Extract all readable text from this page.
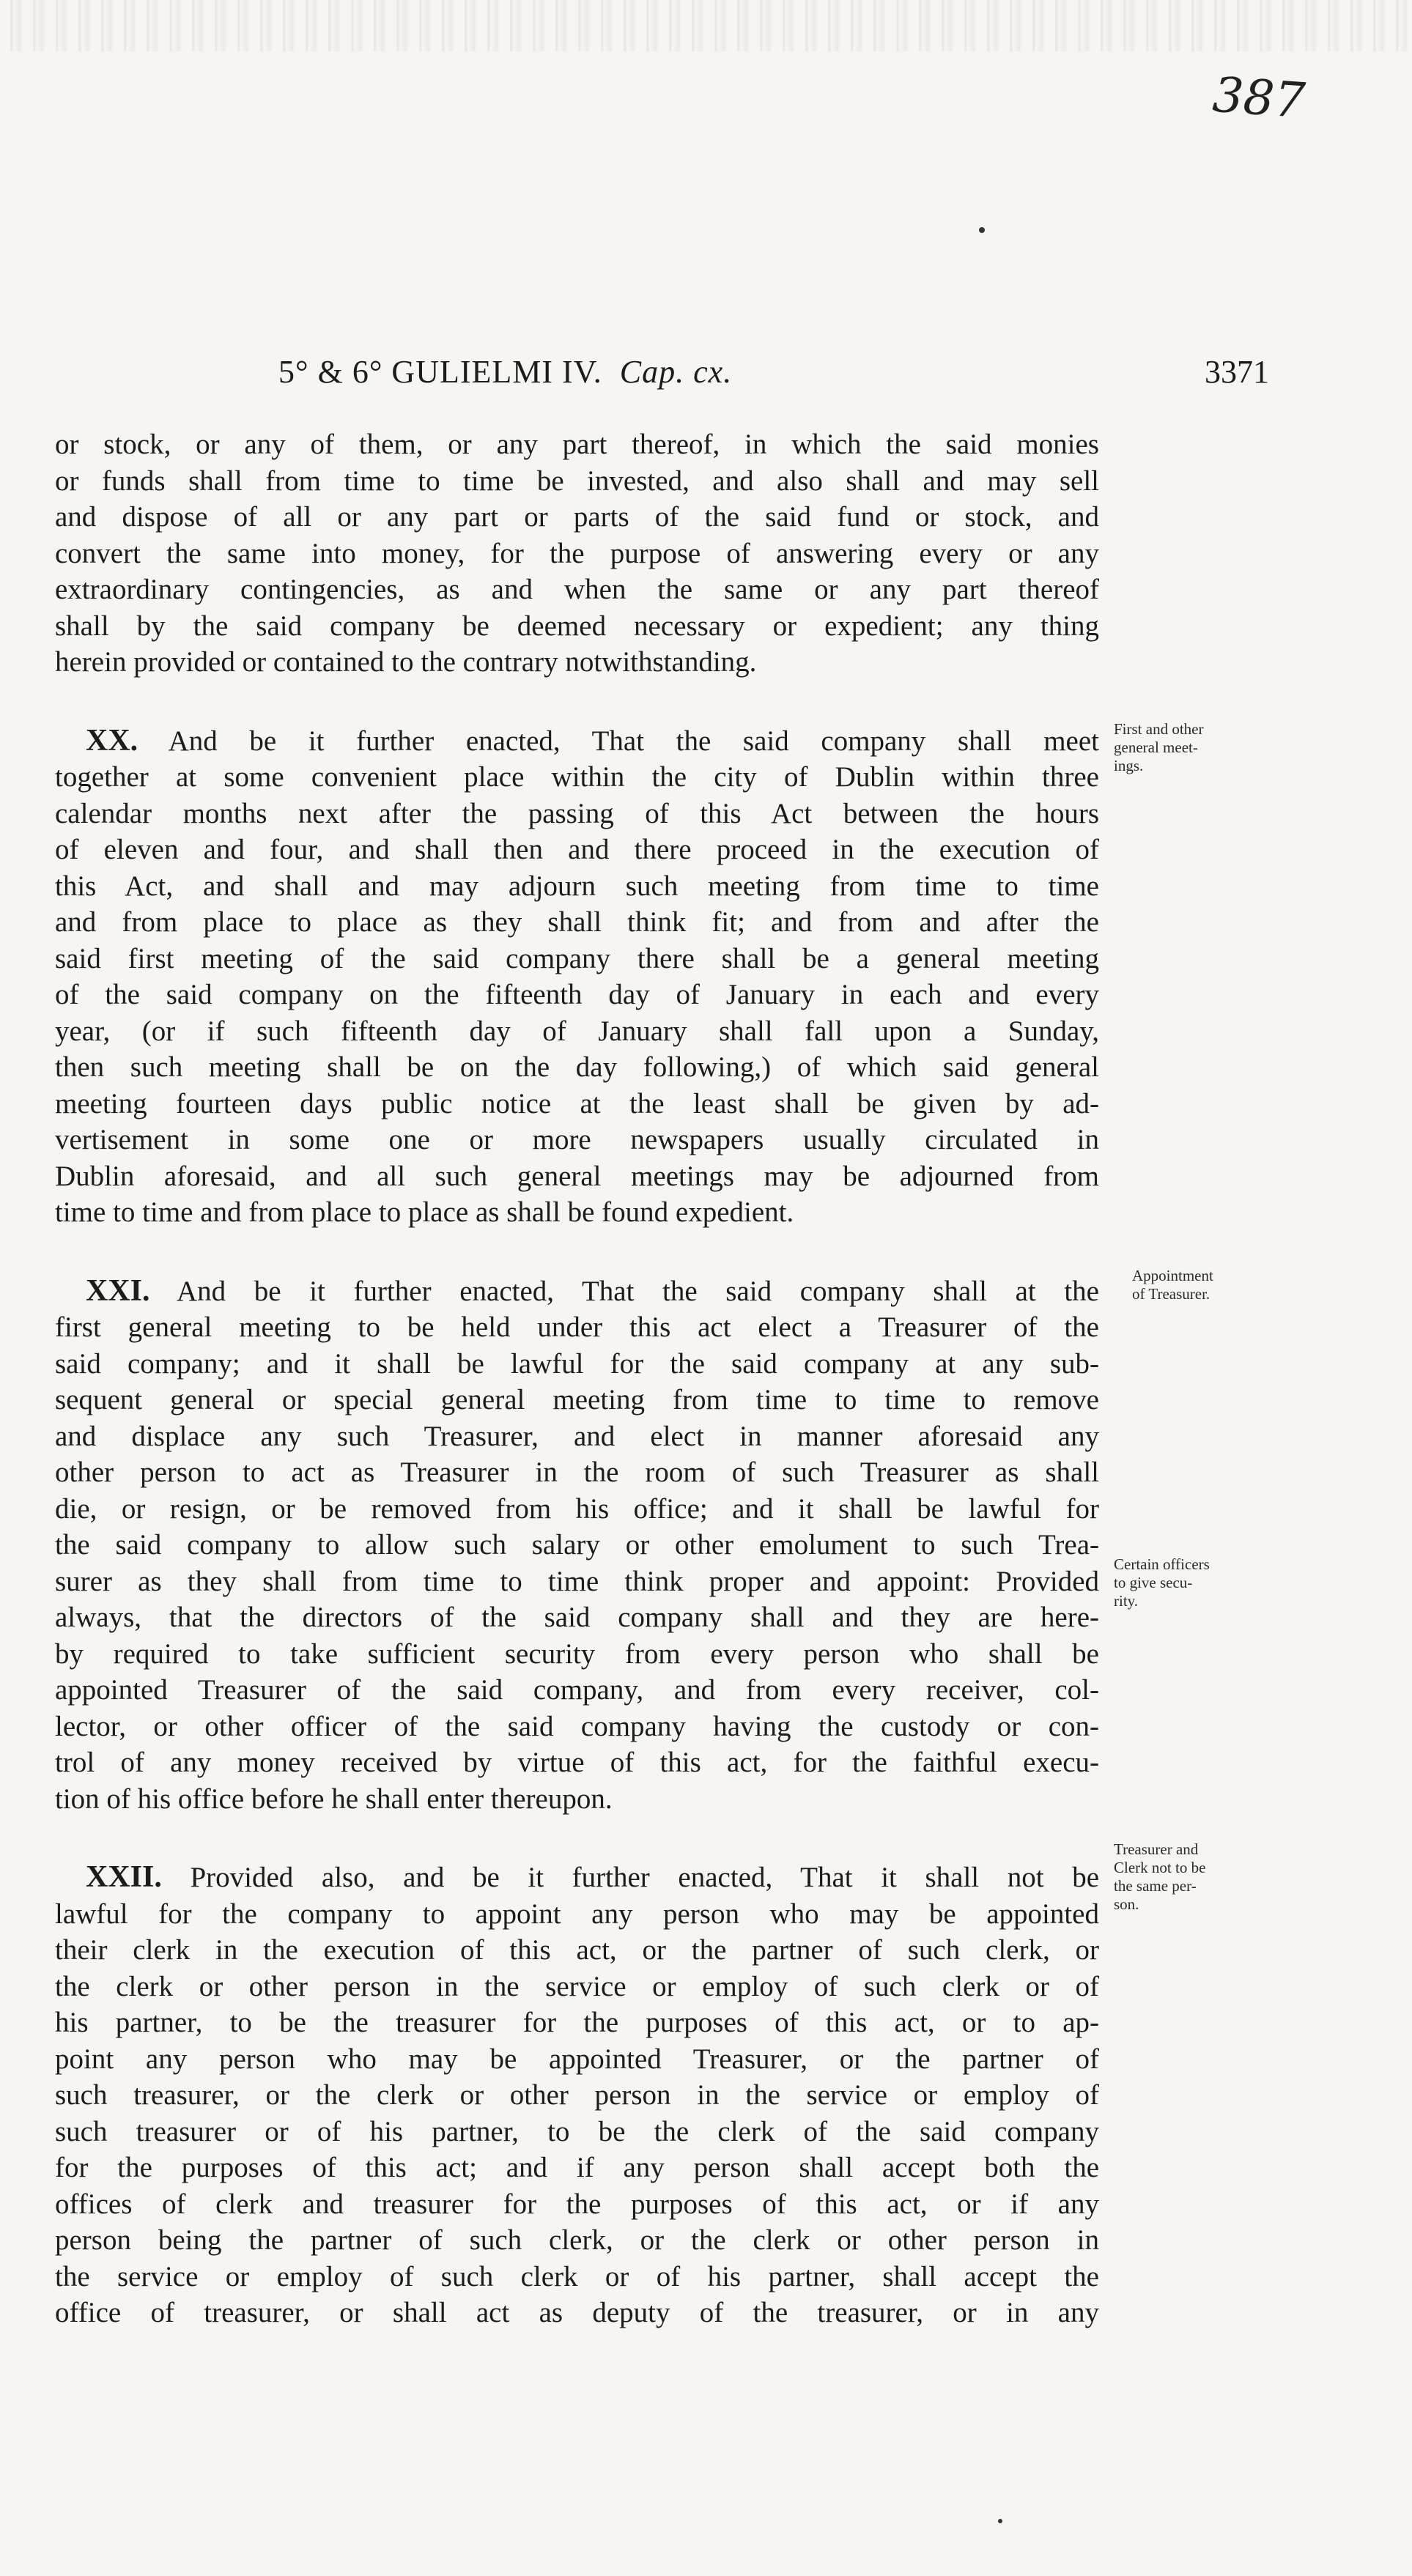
387
5° & 6° GULIELMI IV. Cap. cx.	3371
or stock, or any of them, or any part thereof, in which the said monies
or funds shall from time to time be invested, and also shall and may sell
and dispose of all or any part or parts of the said fund or stock, and
convert the same into money, for the purpose of answering every or any
extraordinary contingencies, as and when the same or any part thereof
shall by the said company be deemed necessary or expedient; any thing
herein provided or contained to the contrary notwithstanding.
XX. And be it further enacted, That the said company shall meet
together at some convenient place within the city of Dublin within three
calendar months next after the passing of this Act between the hours
of eleven and four, and shall then and there proceed in the execution of
this Act, and shall and may adjourn such meeting from time to time
and from place to place as they shall think fit; and from and after the
said first meeting of the said company there shall be a general meeting
of the said company on the fifteenth day of January in each and every
year, (or if such fifteenth day of January shall fall upon a Sunday,
then such meeting shall be on the day following,) of which said general
meeting fourteen days public notice at the least shall be given by ad-
vertisement in some one or more newspapers usually circulated in
Dublin aforesaid, and all such general meetings may be adjourned from
time to time and from place to place as shall be found expedient.
XXI. And be it further enacted, That the said company shall at the
first general meeting to be held under this act elect a Treasurer of the
said company; and it shall be lawful for the said company at any sub-
sequent general or special general meeting from time to time to remove
and displace any such Treasurer, and elect in manner aforesaid any
other person to act as Treasurer in the room of such Treasurer as shall
die, or resign, or be removed from his office; and it shall be lawful for
the said company to allow such salary or other emolument to such Trea-
surer as they shall from time to time think proper and appoint: Provided
always, that the directors of the said company shall and they are here-
by required to take sufficient security from every person who shall be
appointed Treasurer of the said company, and from every receiver, col-
lector, or other officer of the said company having the custody or con-
trol of any money received by virtue of this act, for the faithful execu-
tion of his office before he shall enter thereupon.
XXII. Provided also, and be it further enacted, That it shall not be
lawful for the company to appoint any person who may be appointed
their clerk in the execution of this act, or the partner of such clerk, or
the clerk or other person in the service or employ of such clerk or of
his partner, to be the treasurer for the purposes of this act, or to ap-
point any person who may be appointed Treasurer, or the partner of
such treasurer, or the clerk or other person in the service or employ of
such treasurer or of his partner, to be the clerk of the said company
for the purposes of this act; and if any person shall accept both the
offices of clerk and treasurer for the purposes of this act, or if any
person being the partner of such clerk, or the clerk or other person in
the service or employ of such clerk or of his partner, shall accept the
office of treasurer, or shall act as deputy of the treasurer, or in any
First and other
general meet-
ings.
Appointment
of Treasurer.
Certain officers
to give secu-
rity.
Treasurer and
Clerk not to be
the same per-
son.
